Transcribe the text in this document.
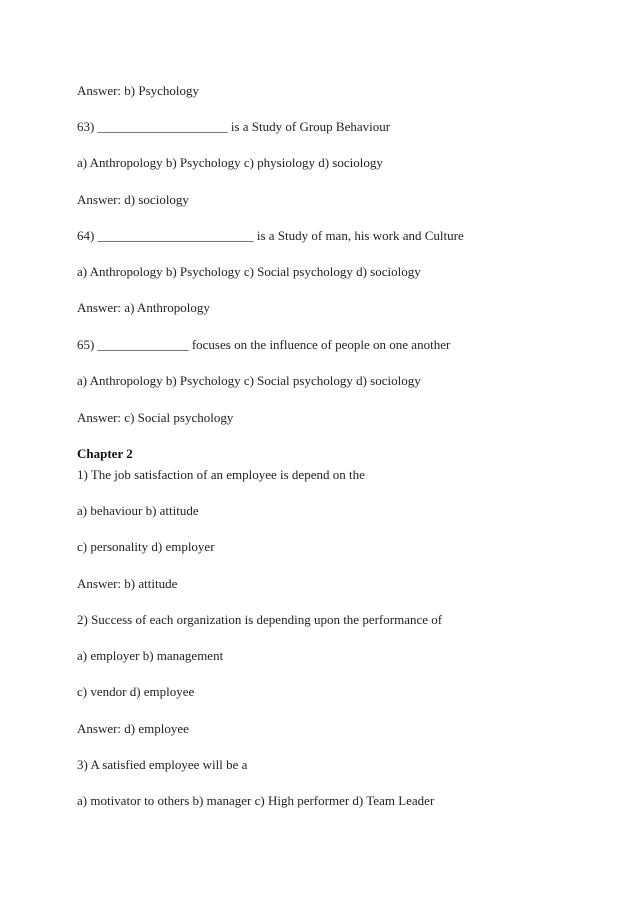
Answer: b) Psychology
63) ____________________ is a Study of Group Behaviour
a) Anthropology b) Psychology c) physiology d) sociology
Answer: d) sociology
64) ________________________ is a Study of man, his work and Culture
a) Anthropology b) Psychology c) Social psychology d) sociology
Answer: a) Anthropology
65) ______________ focuses on the influence of people on one another
a) Anthropology b) Psychology c) Social psychology d) sociology
Answer: c) Social psychology
Chapter 2
1) The job satisfaction of an employee is depend on the
a) behaviour b) attitude
c) personality d) employer
Answer: b) attitude
2) Success of each organization is depending upon the performance of
a) employer b) management
c) vendor d) employee
Answer: d) employee
3) A satisfied employee will be a
a) motivator to others b) manager c) High performer d) Team Leader
